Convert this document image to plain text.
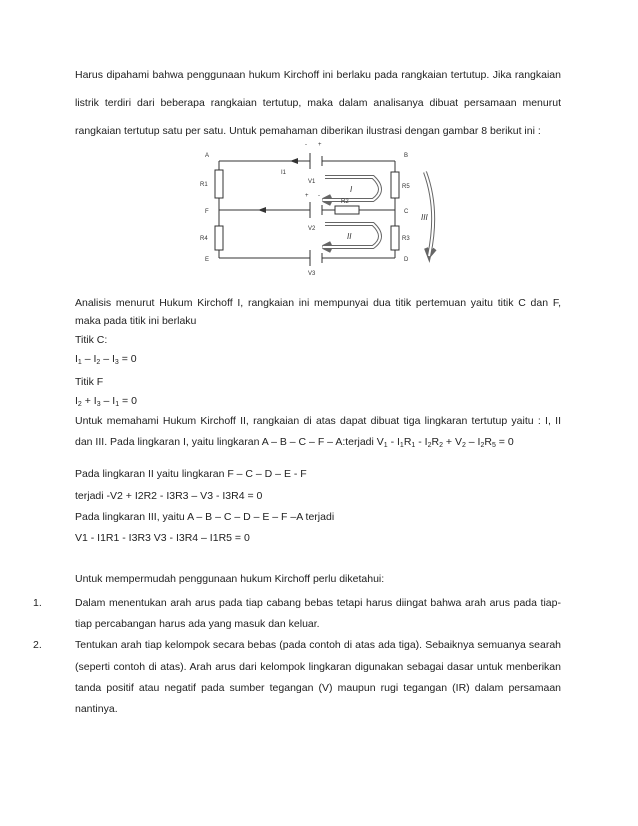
Harus dipahami bahwa penggunaan hukum Kirchoff ini berlaku pada rangkaian tertutup. Jika rangkaian
listrik terdiri dari beberapa rangkaian tertutup, maka dalam analisanya dibuat persamaan menurut
rangkaian tertutup satu per satu. Untuk pemahaman diberikan ilustrasi dengan gambar 8 berikut ini :
A	B
C
D
E
F
R1
R4
R5
R3
R2
V1
V2
V3
I1
- +
+ -
I
II
III
Analisis menurut Hukum Kirchoff I, rangkaian ini mempunyai dua titik pertemuan yaitu titik C dan F,
maka pada titik ini berlaku
Titik C:
$I_1 - I_2 - I_3 = 0$
Titik F
$I_2 + I_3 - I_1 = 0$
Untuk memahami Hukum Kirchoff II, rangkaian di atas dapat dibuat tiga lingkaran tertutup yaitu : I, II
dan III. Pada lingkaran I, yaitu lingkaran A – B – C – F – A:terjadi $V_1 - I_1R_1 - I_2R_2 + V_2 - I_2R_5 = 0$
Pada lingkaran II yaitu lingkaran F – C – D – E - F
terjadi -V2 + I2R2 - I3R3 – V3 - I3R4 = 0
Pada lingkaran III, yaitu A – B – C – D – E – F –A terjadi
V1 - I1R1 - I3R3 V3 - I3R4 – I1R5 = 0
Untuk mempermudah penggunaan hukum Kirchoff perlu diketahui:
1.	Dalam menentukan arah arus pada tiap cabang bebas tetapi harus diingat bahwa arah arus pada tiap-
tiap percabangan harus ada yang masuk dan keluar.
2.	Tentukan arah tiap kelompok secara bebas (pada contoh di atas ada tiga). Sebaiknya semuanya searah
(seperti contoh di atas). Arah arus dari kelompok lingkaran digunakan sebagai dasar untuk menberikan
tanda positif atau negatif pada sumber tegangan (V) maupun rugi tegangan (IR) dalam persamaan
nantinya.
